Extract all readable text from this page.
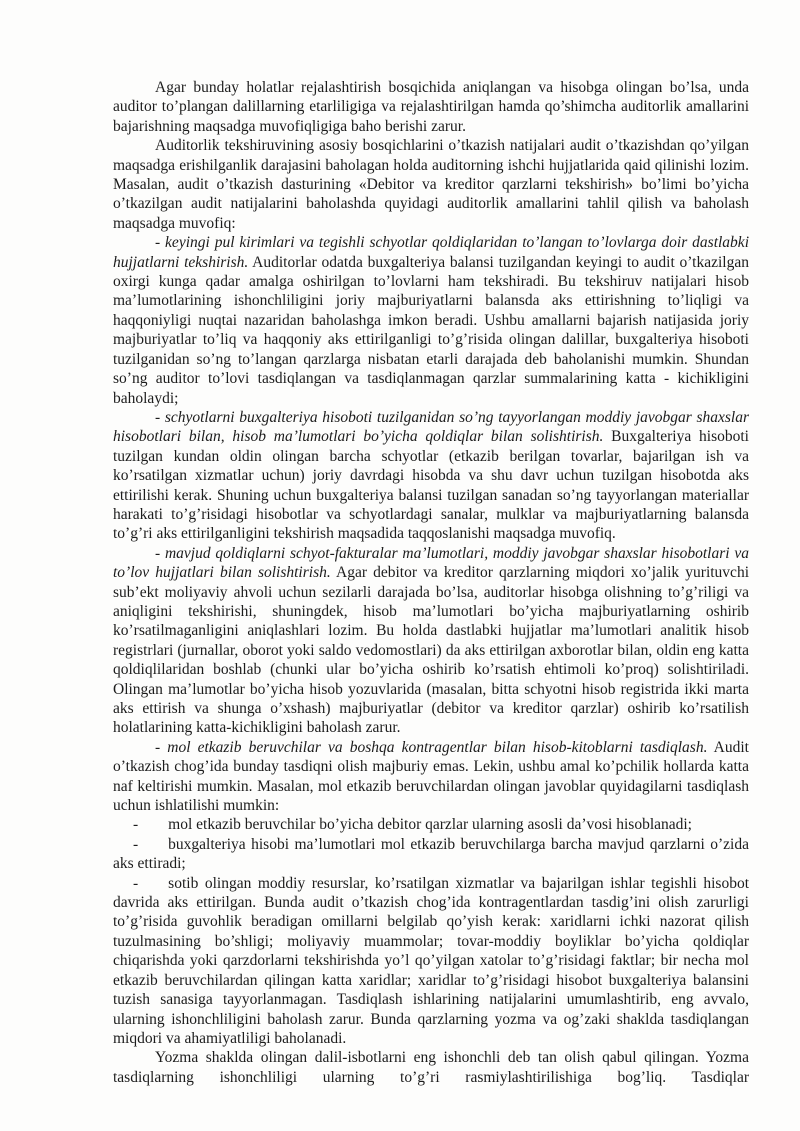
Agar bunday holatlar rejalashtirish bosqichida aniqlangan va hisobga olingan bo’lsa, unda auditor to’plangan dalillarning etarliligiga va rejalashtirilgan hamda qo’shimcha auditorlik amallarini bajarishning maqsadga muvofiqligiga baho berishi zarur.

Auditorlik tekshiruvining asosiy bosqichlarini o’tkazish natijalari audit o’tkazishdan qo’yilgan maqsadga erishilganlik darajasini baholagan holda auditorning ishchi hujjatlarida qaid qilinishi lozim. Masalan, audit o’tkazish dasturining «Debitor va kreditor qarzlarni tekshirish» bo’limi bo’yicha o’tkazilgan audit natijalarini baholashda quyidagi auditorlik amallarini tahlil qilish va baholash maqsadga muvofiq:

- keyingi pul kirimlari va tegishli schyotlar qoldiqlaridan to’langan to’lovlarga doir dastlabki hujjatlarni tekshirish. Auditorlar odatda buxgalteriya balansi tuzilgandan keyingi to audit o’tkazilgan oxirgi kunga qadar amalga oshirilgan to’lovlarni ham tekshiradi. Bu tekshiruv natijalari hisob ma’lumotlarining ishonchliligini joriy majburiyatlarni balansda aks ettirishning to’liqligi va haqqoniyligi nuqtai nazaridan baholashga imkon beradi. Ushbu amallarni bajarish natijasida joriy majburiyatlar to’liq va haqqoniy aks ettirilganligi to’g’risida olingan dalillar, buxgalteriya hisoboti tuzilganidan so’ng to’langan qarzlarga nisbatan etarli darajada deb baholanishi mumkin. Shundan so’ng auditor to’lovi tasdiqlangan va tasdiqlanmagan qarzlar summalarining katta - kichikligini baholaydi;

- schyotlarni buxgalteriya hisoboti tuzilganidan so’ng tayyorlangan moddiy javobgar shaxslar hisobotlari bilan, hisob ma’lumotlari bo’yicha qoldiqlar bilan solishtirish. Buxgalteriya hisoboti tuzilgan kundan oldin olingan barcha schyotlar (etkazib berilgan tovarlar, bajarilgan ish va ko’rsatilgan xizmatlar uchun) joriy davrdagi hisobda va shu davr uchun tuzilgan hisobotda aks ettirilishi kerak. Shuning uchun buxgalteriya balansi tuzilgan sanadan so’ng tayyorlangan materiallar harakati to’g’risidagi hisobotlar va schyotlardagi sanalar, mulklar va majburiyatlarning balansda to’g’ri aks ettirilganligini tekshirish maqsadida taqqoslanishi maqsadga muvofiq.

- mavjud qoldiqlarni schyot-fakturalar ma’lumotlari, moddiy javobgar shaxslar hisobotlari va to’lov hujjatlari bilan solishtirish. Agar debitor va kreditor qarzlarning miqdori xo’jalik yurituvchi sub’ekt moliyaviy ahvoli uchun sezilarli darajada bo’lsa, auditorlar hisobga olishning to’g’riligi va aniqligini tekshirishi, shuningdek, hisob ma’lumotlari bo’yicha majburiyatlarning oshirib ko’rsatilmaganligini aniqlashlari lozim. Bu holda dastlabki hujjatlar ma’lumotlari analitik hisob registrlari (jurnallar, oborot yoki saldo vedomostlari) da aks ettirilgan axborotlar bilan, oldin eng katta qoldiqlilaridan boshlab (chunki ular bo’yicha oshirib ko’rsatish ehtimoli ko’proq) solishtiriladi. Olingan ma’lumotlar bo’yicha hisob yozuvlarida (masalan, bitta schyotni hisob registrida ikki marta aks ettirish va shunga o’xshash) majburiyatlar (debitor va kreditor qarzlar) oshirib ko’rsatilish holatlarining katta-kichikligini baholash zarur.

- mol etkazib beruvchilar va boshqa kontragentlar bilan hisob-kitoblarni tasdiqlash. Audit o’tkazish chog’ida bunday tasdiqni olish majburiy emas. Lekin, ushbu amal ko’pchilik hollarda katta naf keltirishi mumkin. Masalan, mol etkazib beruvchilardan olingan javoblar quyidagilarni tasdiqlash uchun ishlatilishi mumkin:

- mol etkazib beruvchilar bo’yicha debitor qarzlar ularning asosli da’vosi hisoblanadi;

- buxgalteriya hisobi ma’lumotlari mol etkazib beruvchilarga barcha mavjud qarzlarni o’zida aks ettiradi;

- sotib olingan moddiy resurslar, ko’rsatilgan xizmatlar va bajarilgan ishlar tegishli hisobot davrida aks ettirilgan. Bunda audit o’tkazish chog’ida kontragentlardan tasdig’ini olish zarurligi to’g’risida guvohlik beradigan omillarni belgilab qo’yish kerak: xaridlarni ichki nazorat qilish tuzulmasining bo’shligi; moliyaviy muammolar; tovar-moddiy boyliklar bo’yicha qoldiqlar chiqarishda yoki qarzdorlarni tekshirishda yo’l qo’yilgan xatolar to’g’risidagi faktlar; bir necha mol etkazib beruvchilardan qilingan katta xaridlar; xaridlar to’g’risidagi hisobot buxgalteriya balansini tuzish sanasiga tayyorlanmagan. Tasdiqlash ishlarining natijalarini umumlashtirib, eng avvalo, ularning ishonchliligini baholash zarur. Bunda qarzlarning yozma va og’zaki shaklda tasdiqlangan miqdori va ahamiyatliligi baholanadi.

Yozma shaklda olingan dalil-isbotlarni eng ishonchli deb tan olish qabul qilingan. Yozma tasdiqlarning ishonchliligi ularning to’g’ri rasmiylashtirilishiga bog’liq. Tasdiqlar
